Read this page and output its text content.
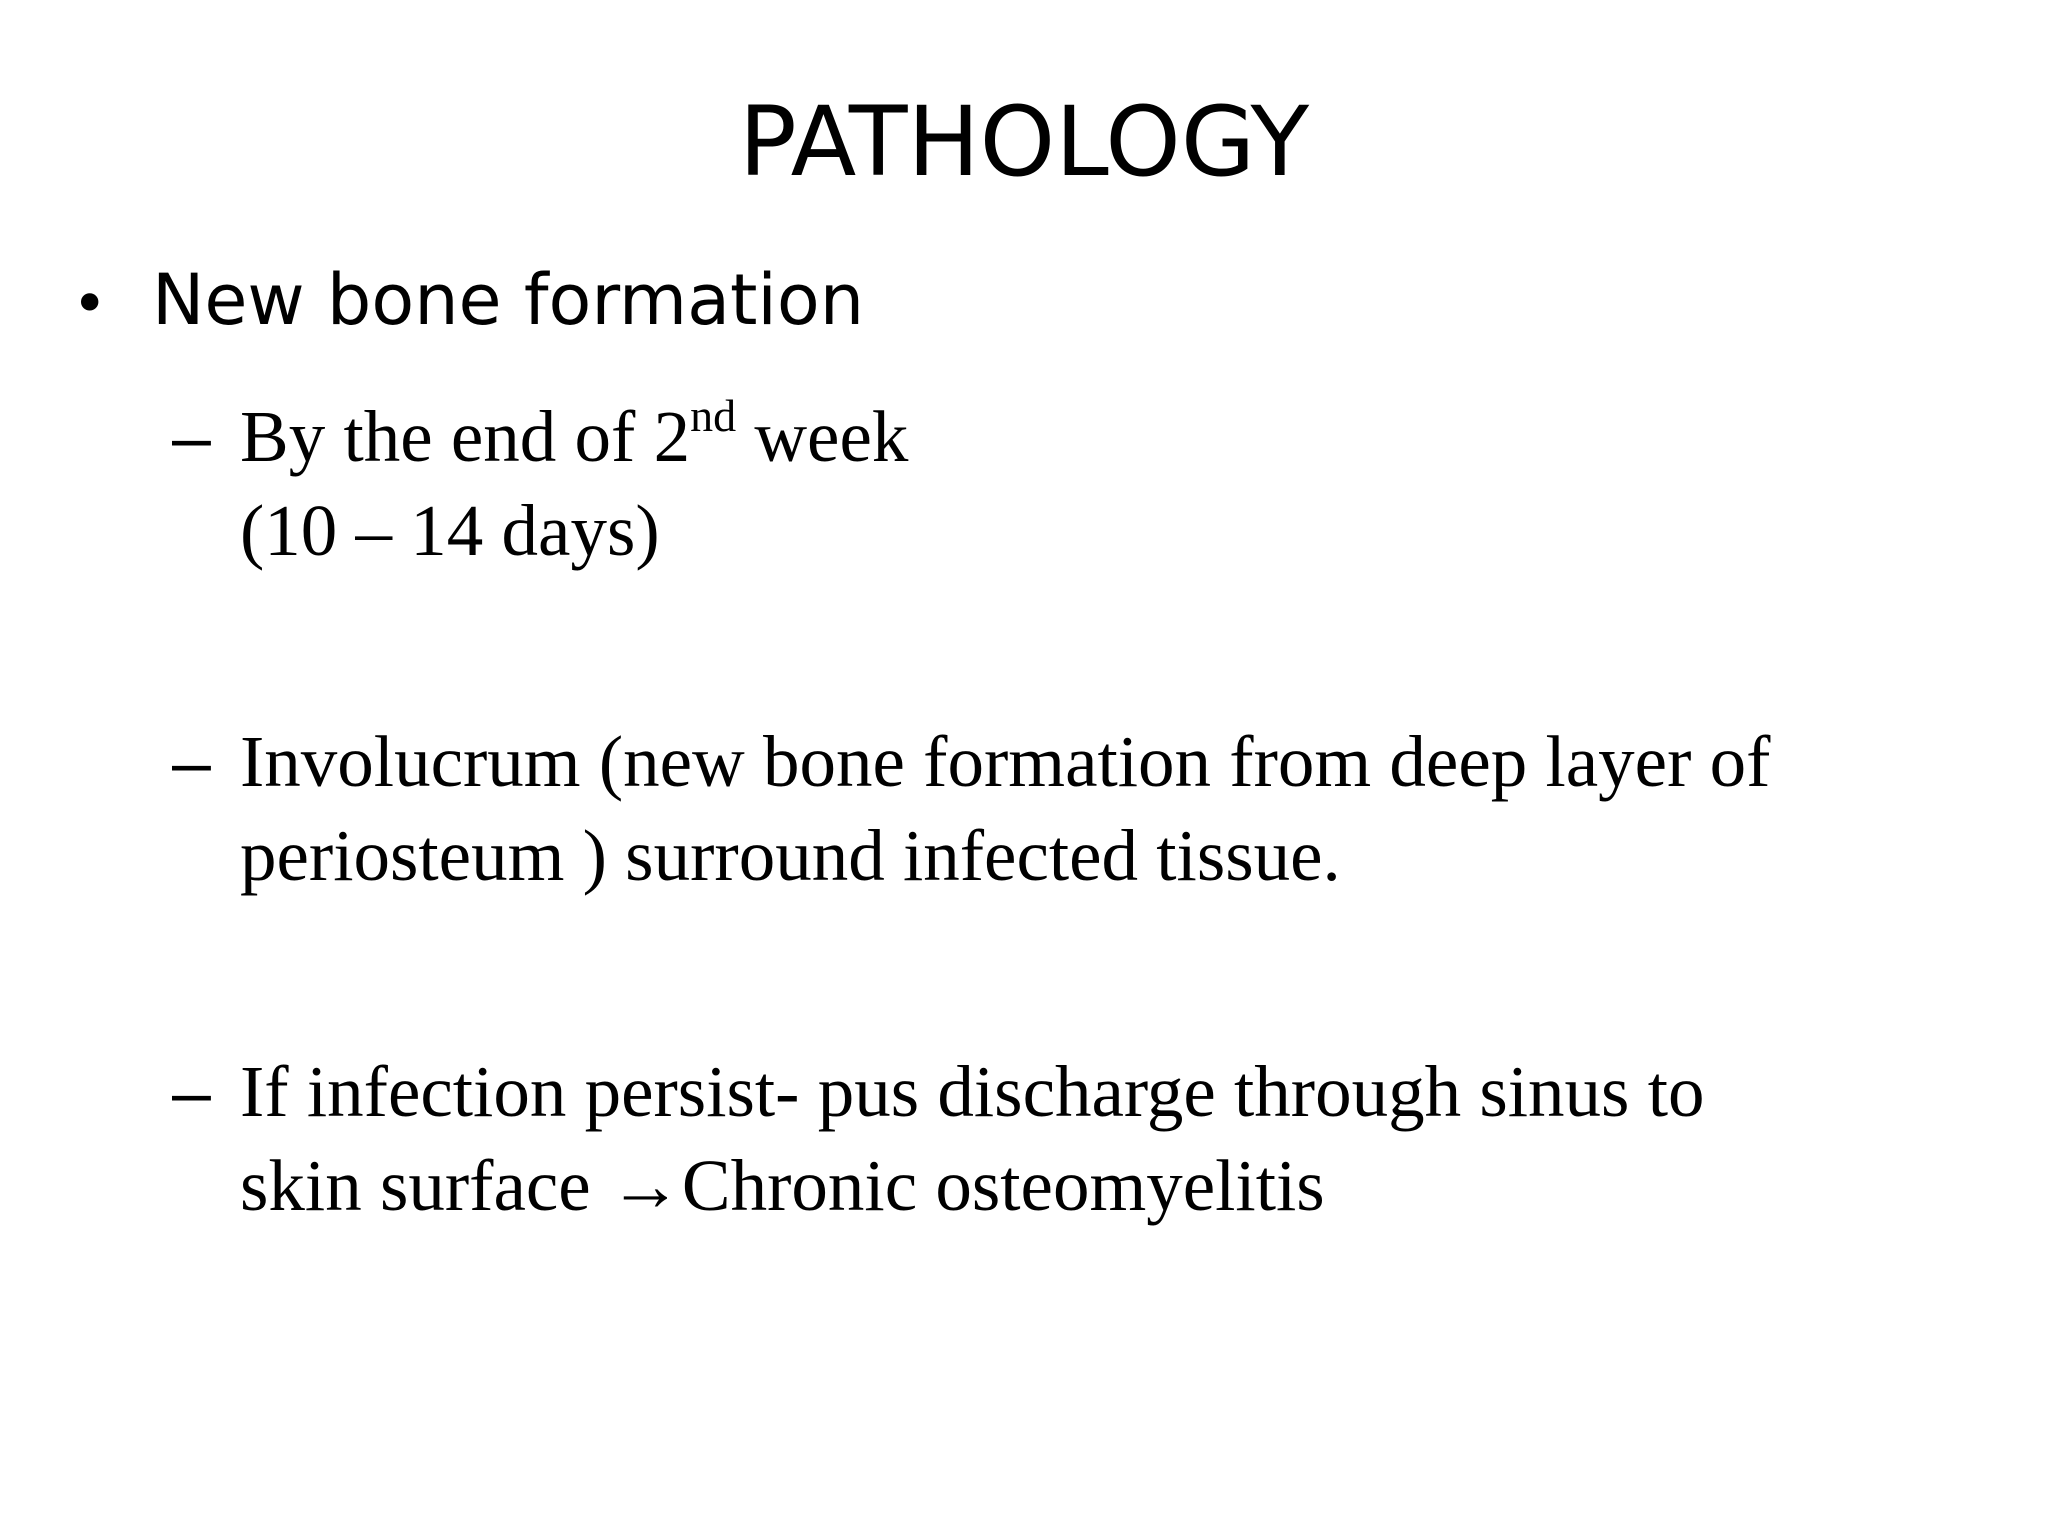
PATHOLOGY
• New bone formation
– By the end of 2nd week
(10 – 14 days)
– Involucrum (new bone formation from deep layer of
periosteum ) surround infected tissue.
– If infection persist- pus discharge through sinus to
skin surface →Chronic osteomyelitis
